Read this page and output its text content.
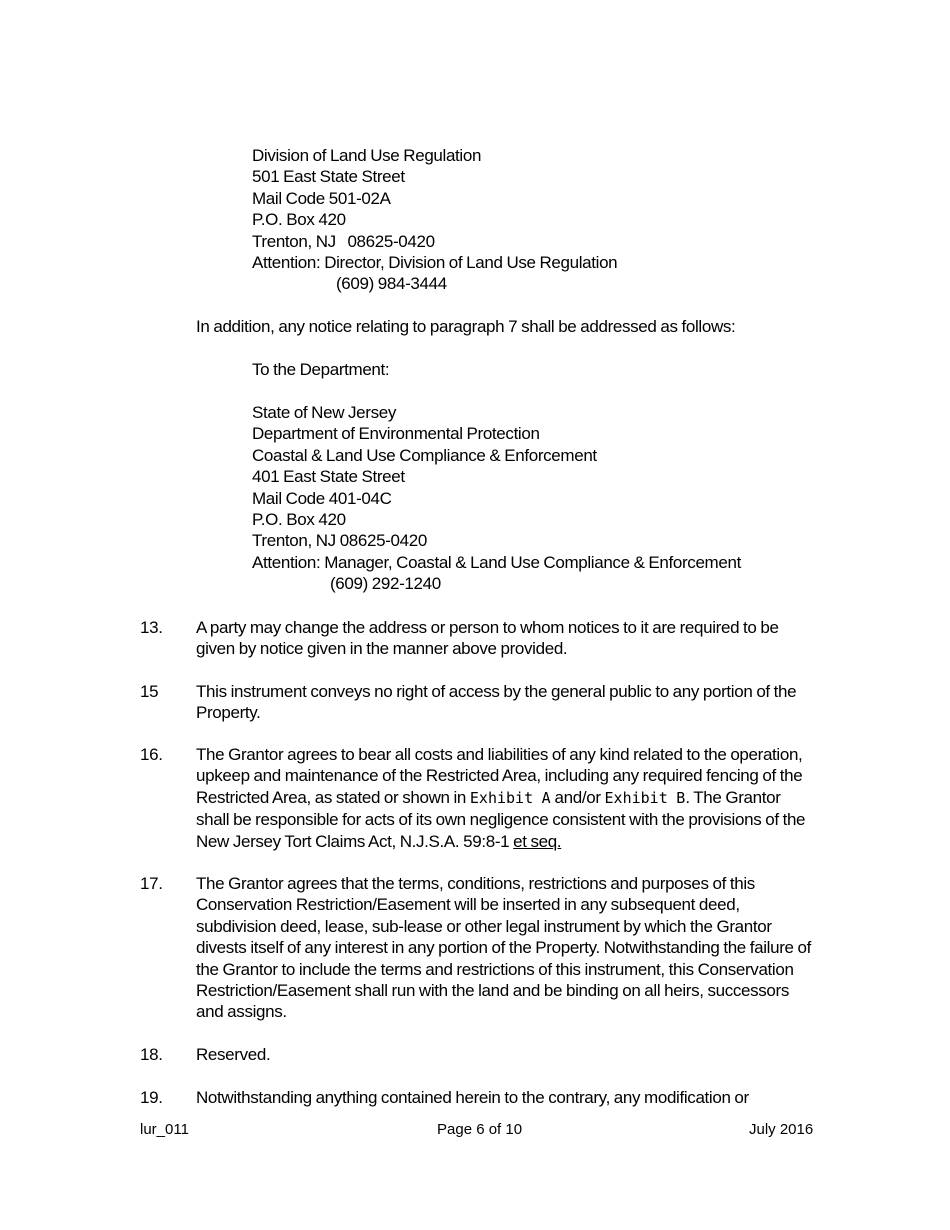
Division of Land Use Regulation
501 East State Street
Mail Code 501-02A
P.O. Box 420
Trenton, NJ   08625-0420
Attention: Director, Division of Land Use Regulation
(609) 984-3444
In addition, any notice relating to paragraph 7 shall be addressed as follows:
To the Department:
State of New Jersey
Department of Environmental Protection
Coastal & Land Use Compliance & Enforcement
401 East State Street
Mail Code 401-04C
P.O. Box 420
Trenton, NJ 08625-0420
Attention: Manager, Coastal & Land Use Compliance & Enforcement
(609) 292-1240
13.	A party may change the address or person to whom notices to it are required to be given by notice given in the manner above provided.
15	This instrument conveys no right of access by the general public to any portion of the Property.
16.	The Grantor agrees to bear all costs and liabilities of any kind related to the operation, upkeep and maintenance of the Restricted Area, including any required fencing of the Restricted Area, as stated or shown in Exhibit A and/or Exhibit B. The Grantor shall be responsible for acts of its own negligence consistent with the provisions of the New Jersey Tort Claims Act, N.J.S.A. 59:8-1 et seq.
17.	The Grantor agrees that the terms, conditions, restrictions and purposes of this Conservation Restriction/Easement will be inserted in any subsequent deed, subdivision deed, lease, sub-lease or other legal instrument by which the Grantor divests itself of any interest in any portion of the Property. Notwithstanding the failure of the Grantor to include the terms and restrictions of this instrument, this Conservation Restriction/Easement shall run with the land and be binding on all heirs, successors and assigns.
18.	Reserved.
19.	Notwithstanding anything contained herein to the contrary, any modification or
lur_011	Page 6 of 10	July 2016
